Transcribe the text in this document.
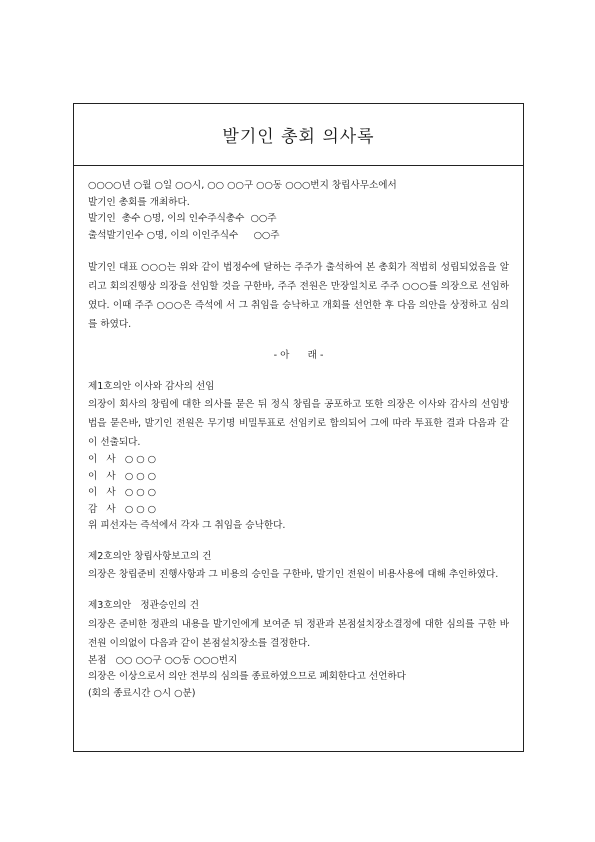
발기인 총회 의사록
○○○○년 ○월 ○일 ○○시, ○○ ○○구 ○○동 ○○○번지 창립사무소에서
발기인 총회를 개최하다.
발기인  총수 ○명, 이의 인수주식총수  ○○주
출석발기인수 ○명, 이의 이인주식수     ○○주
발기인 대표 ○○○는 위와 같이 법정수에 달하는 주주가 출석하여 본 총회가 적법히 성립되었음을 알리고 회의진행상 의장을 선임할 것을 구한바, 주주 전원은 만장일치로 주주 ○○○를 의장으로 선임하였다. 이때 주주 ○○○은 즉석에 서 그 취임을 승낙하고 개회를 선언한 후 다음 의안을 상정하고 심의를 하였다.
- 아      래 -
제1호의안 이사와 감사의 선임
의장이 회사의 창립에 대한 의사를 묻은 뒤 정식 창립을 공포하고 또한 의장은 이사와 감사의 선임방법을 묻은바, 발기인 전원은 무기명 비밀투표로 선임키로 합의되어 그에 따라 투표한 결과 다음과 같이 선출되다.
이   사   ○ ○ ○
이   사   ○ ○ ○
이   사   ○ ○ ○
감   사   ○ ○ ○
위 피선자는 즉석에서 각자 그 취임을 승낙한다.
제2호의안 창립사항보고의 건
의장은 창립준비 진행사항과 그 비용의 승인을 구한바, 발기인 전원이 비용사용에 대해 추인하였다.
제3호의안   정관승인의 건
의장은 준비한 정관의 내용을 발기인에게 보여준 뒤 정관과 본점설치장소결정에 대한 심의를 구한 바 전원 이의없이 다음과 같이 본점설치장소를 결정한다.
본점   ○○ ○○구 ○○동 ○○○번지
의장은 이상으로서 의안 전부의 심의를 종료하였으므로 폐회한다고 선언하다
(회의 종료시간 ○시 ○분)
